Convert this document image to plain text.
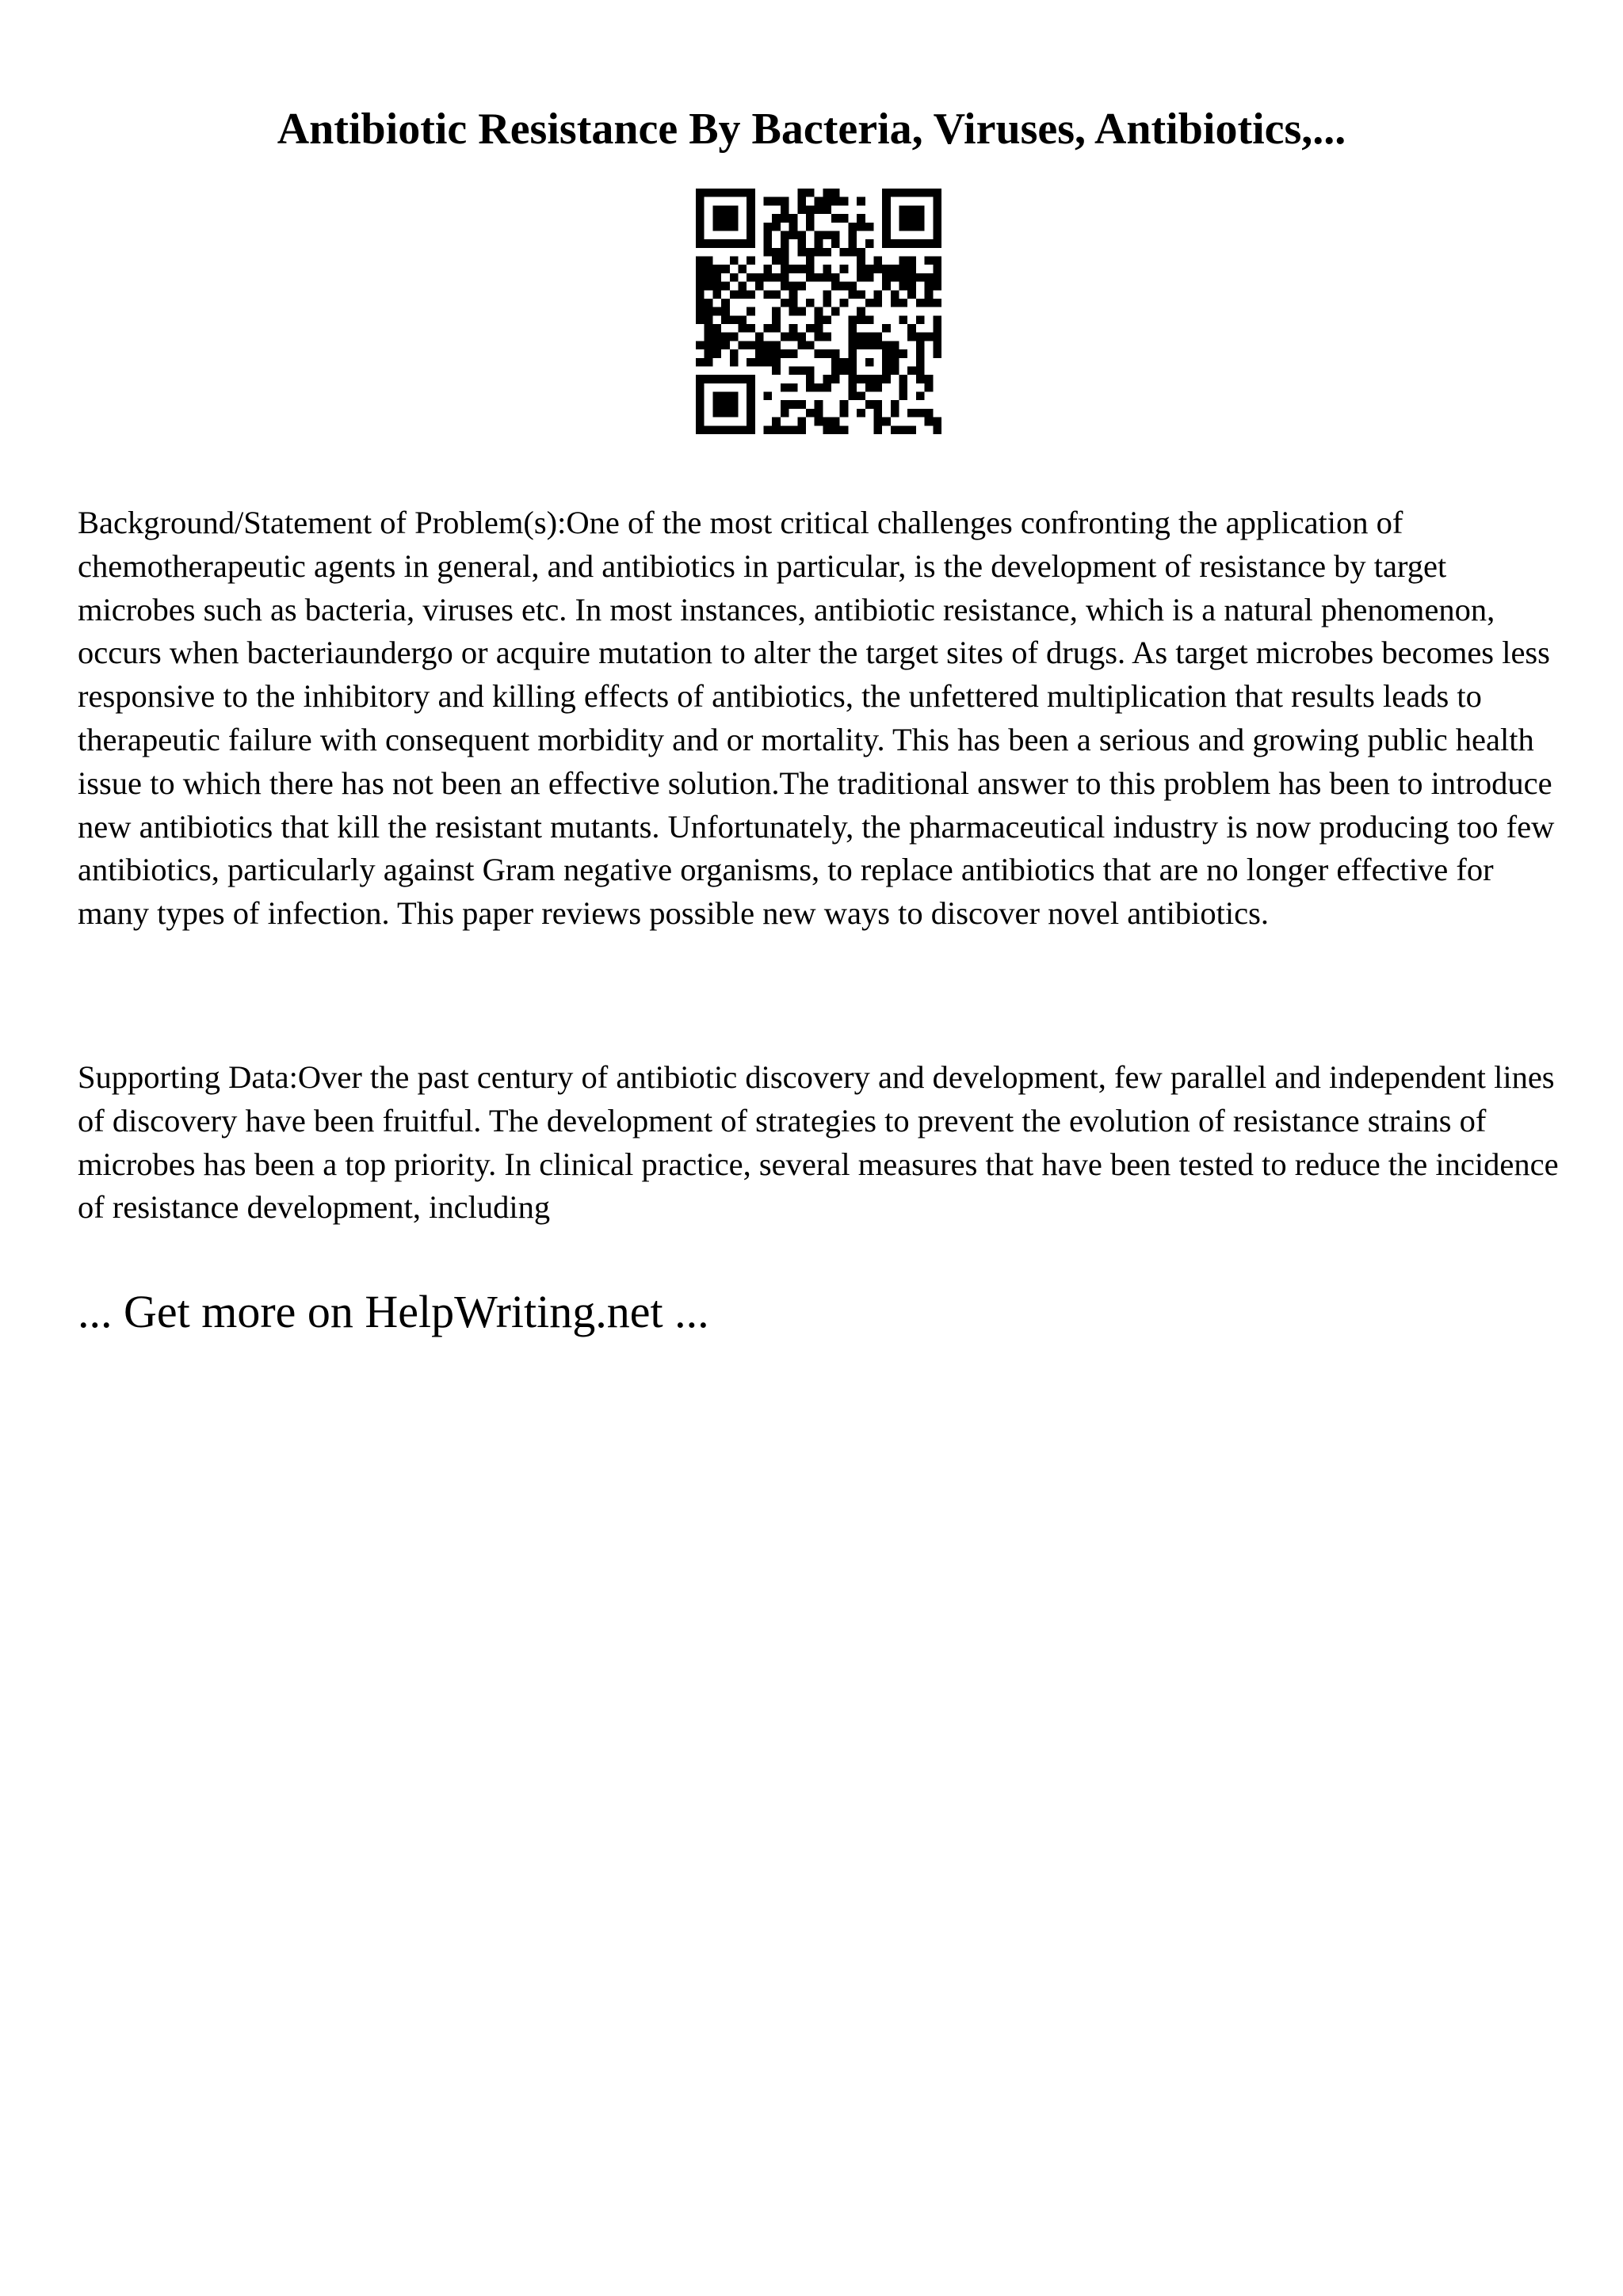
Antibiotic Resistance By Bacteria, Viruses, Antibiotics,...

Background/Statement of Problem(s):One of the most critical challenges confronting the application of chemotherapeutic agents in general, and antibiotics in particular, is the development of resistance by target microbes such as bacteria, viruses etc. In most instances, antibiotic resistance, which is a natural phenomenon, occurs when bacteriaundergo or acquire mutation to alter the target sites of drugs. As target microbes becomes less responsive to the inhibitory and killing effects of antibiotics, the unfettered multiplication that results leads to therapeutic failure with consequent morbidity and or mortality. This has been a serious and growing public health issue to which there has not been an effective solution.The traditional answer to this problem has been to introduce new antibiotics that kill the resistant mutants. Unfortunately, the pharmaceutical industry is now producing too few antibiotics, particularly against Gram negative organisms, to replace antibiotics that are no longer effective for many types of infection. This paper reviews possible new ways to discover novel antibiotics.

Supporting Data:Over the past century of antibiotic discovery and development, few parallel and independent lines of discovery have been fruitful. The development of strategies to prevent the evolution of resistance strains of microbes has been a top priority. In clinical practice, several measures that have been tested to reduce the incidence of resistance development, including

... Get more on HelpWriting.net ...
